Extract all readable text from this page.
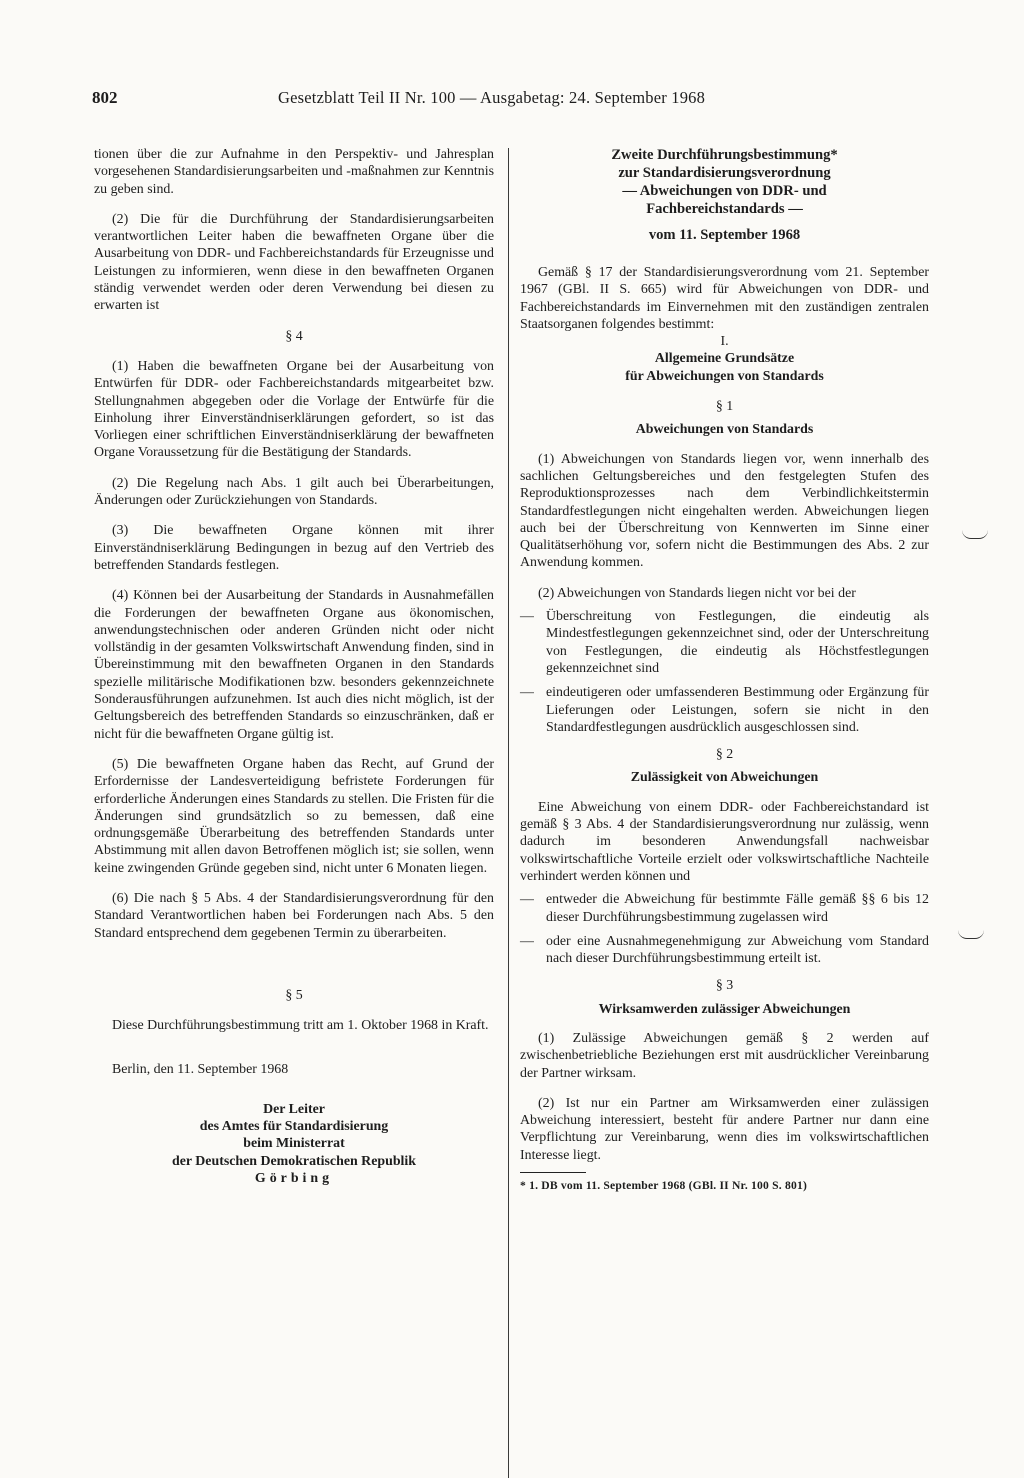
802	Gesetzblatt Teil II Nr. 100 — Ausgabetag: 24. September 1968

tionen über die zur Aufnahme in den Perspektiv- und Jahresplan vorgesehenen Standardisierungsarbeiten und -maßnahmen zur Kenntnis zu geben sind.

(2) Die für die Durchführung der Standardisierungsarbeiten verantwortlichen Leiter haben die bewaffneten Organe über die Ausarbeitung von DDR- und Fachbereichstandards für Erzeugnisse und Leistungen zu informieren, wenn diese in den bewaffneten Organen ständig verwendet werden oder deren Verwendung bei diesen zu erwarten ist

§ 4

(1) Haben die bewaffneten Organe bei der Ausarbeitung von Entwürfen für DDR- oder Fachbereichstandards mitgearbeitet bzw. Stellungnahmen abgegeben oder die Vorlage der Entwürfe für die Einholung ihrer Einverständniserklärungen gefordert, so ist das Vorliegen einer schriftlichen Einverständniserklärung der bewaffneten Organe Voraussetzung für die Bestätigung der Standards.

(2) Die Regelung nach Abs. 1 gilt auch bei Überarbeitungen, Änderungen oder Zurückziehungen von Standards.

(3) Die bewaffneten Organe können mit ihrer Einverständniserklärung Bedingungen in bezug auf den Vertrieb des betreffenden Standards festlegen.

(4) Können bei der Ausarbeitung der Standards in Ausnahmefällen die Forderungen der bewaffneten Organe aus ökonomischen, anwendungstechnischen oder anderen Gründen nicht oder nicht vollständig in der gesamten Volkswirtschaft Anwendung finden, sind in Übereinstimmung mit den bewaffneten Organen in den Standards spezielle militärische Modifikationen bzw. besonders gekennzeichnete Sonderausführungen aufzunehmen. Ist auch dies nicht möglich, ist der Geltungsbereich des betreffenden Standards so einzuschränken, daß er nicht für die bewaffneten Organe gültig ist.

(5) Die bewaffneten Organe haben das Recht, auf Grund der Erfordernisse der Landesverteidigung befristete Forderungen für erforderliche Änderungen eines Standards zu stellen. Die Fristen für die Änderungen sind grundsätzlich so zu bemessen, daß eine ordnungsgemäße Überarbeitung des betreffenden Standards unter Abstimmung mit allen davon Betroffenen möglich ist; sie sollen, wenn keine zwingenden Gründe gegeben sind, nicht unter 6 Monaten liegen.

(6) Die nach § 5 Abs. 4 der Standardisierungsverordnung für den Standard Verantwortlichen haben bei Forderungen nach Abs. 5 den Standard entsprechend dem gegebenen Termin zu überarbeiten.

§ 5

Diese Durchführungsbestimmung tritt am 1. Oktober 1968 in Kraft.

Berlin, den 11. September 1968

Der Leiter
des Amtes für Standardisierung
beim Ministerrat
der Deutschen Demokratischen Republik
Görbing
Zweite Durchführungsbestimmung*
zur Standardisierungsverordnung
— Abweichungen von DDR- und
Fachbereichstandards —
vom 11. September 1968

Gemäß § 17 der Standardisierungsverordnung vom 21. September 1967 (GBl. II S. 665) wird für Abweichungen von DDR- und Fachbereichstandards im Einvernehmen mit den zuständigen zentralen Staatsorganen folgendes bestimmt:

I.

Allgemeine Grundsätze

für Abweichungen von Standards

§ 1

Abweichungen von Standards

(1) Abweichungen von Standards liegen vor, wenn innerhalb des sachlichen Geltungsbereiches und den festgelegten Stufen des Reproduktionsprozesses nach dem Verbindlichkeitstermin Standardfestlegungen nicht eingehalten werden. Abweichungen liegen auch bei der Überschreitung von Kennwerten im Sinne einer Qualitätserhöhung vor, sofern nicht die Bestimmungen des Abs. 2 zur Anwendung kommen.

(2) Abweichungen von Standards liegen nicht vor bei der

— Überschreitung von Festlegungen, die eindeutig als Mindestfestlegungen gekennzeichnet sind, oder der Unterschreitung von Festlegungen, die eindeutig als Höchstfestlegungen gekennzeichnet sind
— eindeutigeren oder umfassenderen Bestimmung oder Ergänzung für Lieferungen oder Leistungen, sofern sie nicht in den Standardfestlegungen ausdrücklich ausgeschlossen sind.

§ 2

Zulässigkeit von Abweichungen

Eine Abweichung von einem DDR- oder Fachbereichstandard ist gemäß § 3 Abs. 4 der Standardisierungsverordnung nur zulässig, wenn dadurch im besonderen Anwendungsfall nachweisbar volkswirtschaftliche Vorteile erzielt oder volkswirtschaftliche Nachteile verhindert werden können und

— entweder die Abweichung für bestimmte Fälle gemäß §§ 6 bis 12 dieser Durchführungsbestimmung zugelassen wird
— oder eine Ausnahmegenehmigung zur Abweichung vom Standard nach dieser Durchführungsbestimmung erteilt ist.

§ 3

Wirksamwerden zulässiger Abweichungen

(1) Zulässige Abweichungen gemäß § 2 werden auf zwischenbetriebliche Beziehungen erst mit ausdrücklicher Vereinbarung der Partner wirksam.

(2) Ist nur ein Partner am Wirksamwerden einer zulässigen Abweichung interessiert, besteht für andere Partner nur dann eine Verpflichtung zur Vereinbarung, wenn dies im volkswirtschaftlichen Interesse liegt.

* 1. DB vom 11. September 1968 (GBl. II Nr. 100 S. 801)
